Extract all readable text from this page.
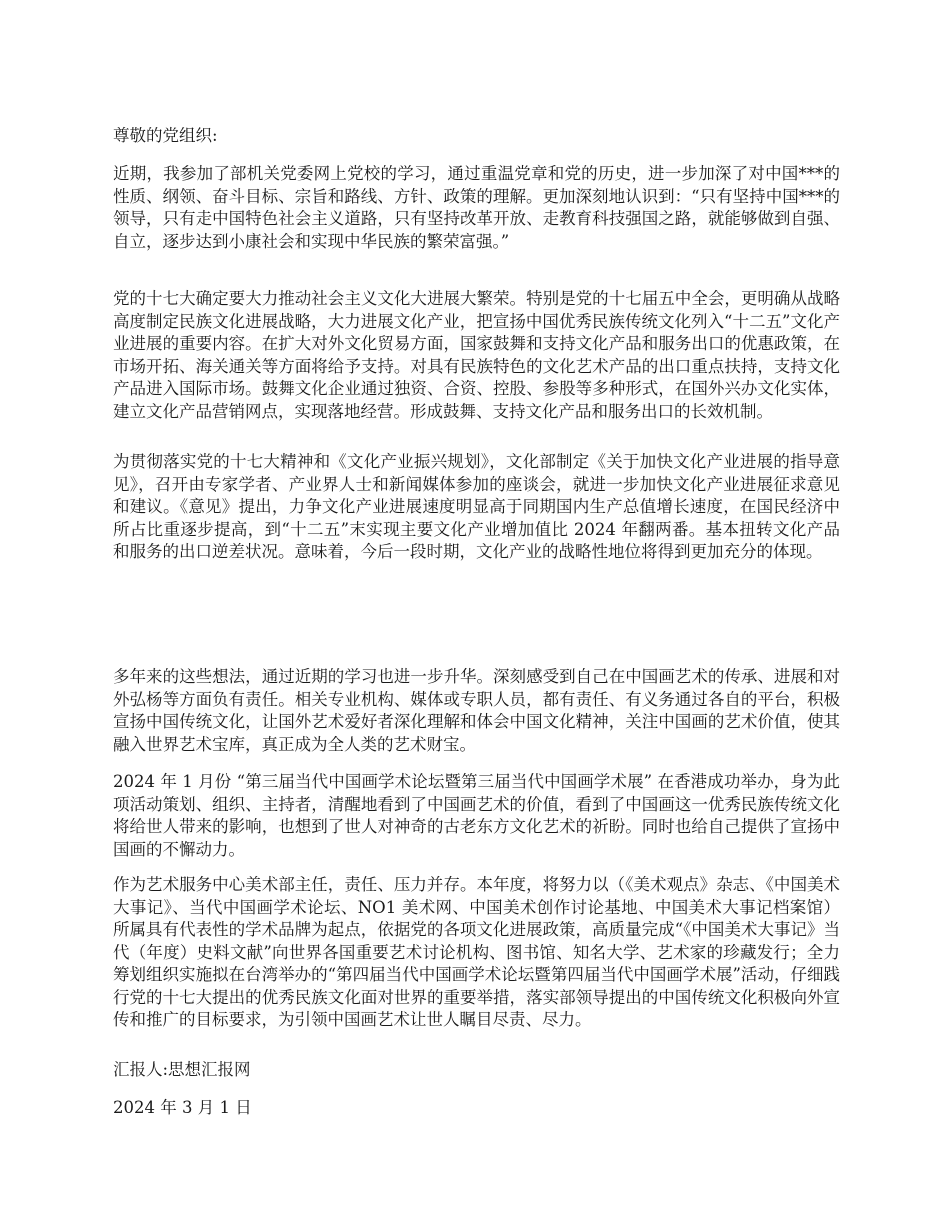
尊敬的党组织:

近期，我参加了部机关党委网上党校的学习，通过重温党章和党的历史，进一步加深了对中国***的性质、纲领、奋斗目标、宗旨和路线、方针、政策的理解。更加深刻地认识到：“只有坚持中国***的领导，只有走中国特色社会主义道路，只有坚持改革开放、走教育科技强国之路，就能够做到自强、自立，逐步达到小康社会和实现中华民族的繁荣富强。”

党的十七大确定要大力推动社会主义文化大进展大繁荣。特别是党的十七届五中全会，更明确从战略高度制定民族文化进展战略，大力进展文化产业，把宣扬中国优秀民族传统文化列入“十二五”文化产业进展的重要内容。在扩大对外文化贸易方面，国家鼓舞和支持文化产品和服务出口的优惠政策，在市场开拓、海关通关等方面将给予支持。对具有民族特色的文化艺术产品的出口重点扶持，支持文化产品进入国际市场。鼓舞文化企业通过独资、合资、控股、参股等多种形式，在国外兴办文化实体，建立文化产品营销网点，实现落地经营。形成鼓舞、支持文化产品和服务出口的长效机制。

为贯彻落实党的十七大精神和《文化产业振兴规划》，文化部制定《关于加快文化产业进展的指导意见》，召开由专家学者、产业界人士和新闻媒体参加的座谈会，就进一步加快文化产业进展征求意见和建议。《意见》提出，力争文化产业进展速度明显高于同期国内生产总值增长速度，在国民经济中所占比重逐步提高，到“十二五”末实现主要文化产业增加值比 2024 年翻两番。基本扭转文化产品和服务的出口逆差状况。意味着，今后一段时期，文化产业的战略性地位将得到更加充分的体现。

多年来的这些想法，通过近期的学习也进一步升华。深刻感受到自己在中国画艺术的传承、进展和对外弘杨等方面负有责任。相关专业机构、媒体或专职人员，都有责任、有义务通过各自的平台，积极宣扬中国传统文化，让国外艺术爱好者深化理解和体会中国文化精神，关注中国画的艺术价值，使其融入世界艺术宝库，真正成为全人类的艺术财宝。

2024 年 1 月份 “第三届当代中国画学术论坛暨第三届当代中国画学术展” 在香港成功举办，身为此项活动策划、组织、主持者，清醒地看到了中国画艺术的价值，看到了中国画这一优秀民族传统文化将给世人带来的影响，也想到了世人对神奇的古老东方文化艺术的祈盼。同时也给自己提供了宣扬中国画的不懈动力。

作为艺术服务中心美术部主任，责任、压力并存。本年度，将努力以（《美术观点》杂志、《中国美术大事记》、当代中国画学术论坛、NO1 美术网、中国美术创作讨论基地、中国美术大事记档案馆）所属具有代表性的学术品牌为起点，依据党的各项文化进展政策，高质量完成“《中国美术大事记》当代（年度）史料文献”向世界各国重要艺术讨论机构、图书馆、知名大学、艺术家的珍藏发行；全力筹划组织实施拟在台湾举办的“第四届当代中国画学术论坛暨第四届当代中国画学术展”活动，仔细践行党的十七大提出的优秀民族文化面对世界的重要举措，落实部领导提出的中国传统文化积极向外宣传和推广的目标要求，为引领中国画艺术让世人瞩目尽责、尽力。

汇报人:思想汇报网

2024 年 3 月 1 日
